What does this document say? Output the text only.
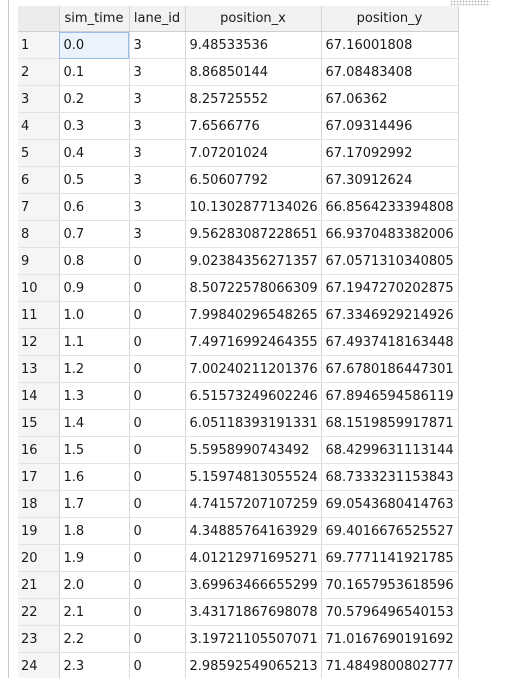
	sim_time	lane_id	position_x	position_y
1	0.0	3	9.48533536	67.16001808
2	0.1	3	8.86850144	67.08483408
3	0.2	3	8.25725552	67.06362
4	0.3	3	7.6566776	67.09314496
5	0.4	3	7.07201024	67.17092992
6	0.5	3	6.50607792	67.30912624
7	0.6	3	10.1302877134026	66.8564233394808
8	0.7	3	9.56283087228651	66.9370483382006
9	0.8	0	9.02384356271357	67.0571310340805
10	0.9	0	8.50722578066309	67.1947270202875
11	1.0	0	7.99840296548265	67.3346929214926
12	1.1	0	7.49716992464355	67.4937418163448
13	1.2	0	7.00240211201376	67.6780186447301
14	1.3	0	6.51573249602246	67.8946594586119
15	1.4	0	6.05118393191331	68.1519859917871
16	1.5	0	5.5958990743492	68.4299631113144
17	1.6	0	5.15974813055524	68.7333231153843
18	1.7	0	4.74157207107259	69.0543680414763
19	1.8	0	4.34885764163929	69.4016676525527
20	1.9	0	4.01212971695271	69.7771141921785
21	2.0	0	3.69963466655299	70.1657953618596
22	2.1	0	3.43171867698078	70.5796496540153
23	2.2	0	3.19721105507071	71.0167690191692
24	2.3	0	2.98592549065213	71.4849800802777
